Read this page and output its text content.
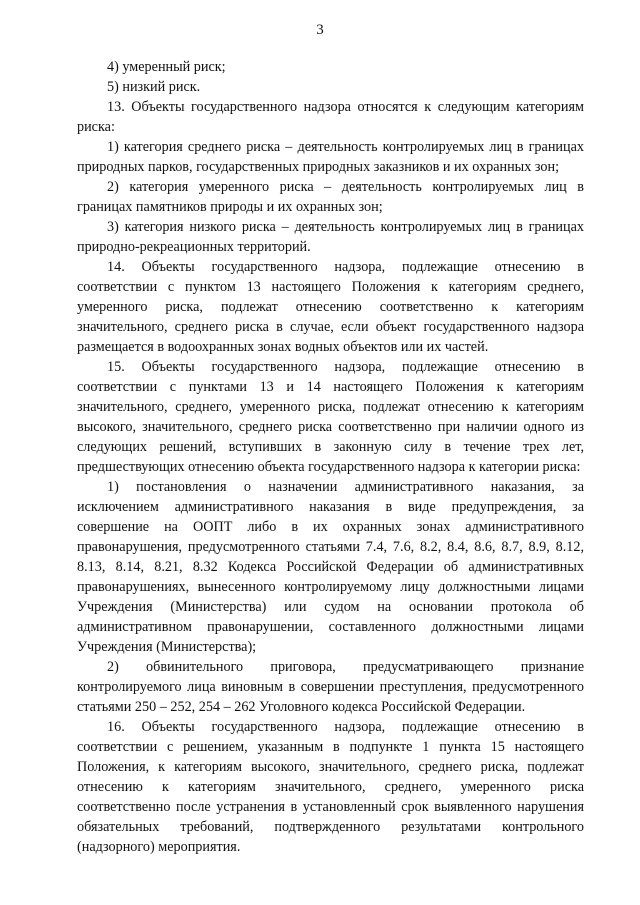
3

4) умеренный риск;

5) низкий риск.

13. Объекты государственного надзора относятся к следующим категориям риска:

1) категория среднего риска – деятельность контролируемых лиц в границах природных парков, государственных природных заказников и их охранных зон;

2) категория умеренного риска – деятельность контролируемых лиц в границах памятников природы и их охранных зон;

3) категория низкого риска – деятельность контролируемых лиц в границах природно-рекреационных территорий.

14. Объекты государственного надзора, подлежащие отнесению в соответствии с пунктом 13 настоящего Положения к категориям среднего, умеренного риска, подлежат отнесению соответственно к категориям значительного, среднего риска в случае, если объект государственного надзора размещается в водоохранных зонах водных объектов или их частей.

15. Объекты государственного надзора, подлежащие отнесению в соответствии с пунктами 13 и 14 настоящего Положения к категориям значительного, среднего, умеренного риска, подлежат отнесению к категориям высокого, значительного, среднего риска соответственно при наличии одного из следующих решений, вступивших в законную силу в течение трех лет, предшествующих отнесению объекта государственного надзора к категории риска:

1) постановления о назначении административного наказания, за исключением административного наказания в виде предупреждения, за совершение на ООПТ либо в их охранных зонах административного правонарушения, предусмотренного статьями 7.4, 7.6, 8.2, 8.4, 8.6, 8.7, 8.9, 8.12, 8.13, 8.14, 8.21, 8.32 Кодекса Российской Федерации об административных правонарушениях, вынесенного контролируемому лицу должностными лицами Учреждения (Министерства) или судом на основании протокола об административном правонарушении, составленного должностными лицами Учреждения (Министерства);

2) обвинительного приговора, предусматривающего признание контролируемого лица виновным в совершении преступления, предусмотренного статьями 250 – 252, 254 – 262 Уголовного кодекса Российской Федерации.

16. Объекты государственного надзора, подлежащие отнесению в соответствии с решением, указанным в подпункте 1 пункта 15 настоящего Положения, к категориям высокого, значительного, среднего риска, подлежат отнесению к категориям значительного, среднего, умеренного риска соответственно после устранения в установленный срок выявленного нарушения обязательных требований, подтвержденного результатами контрольного (надзорного) мероприятия.
